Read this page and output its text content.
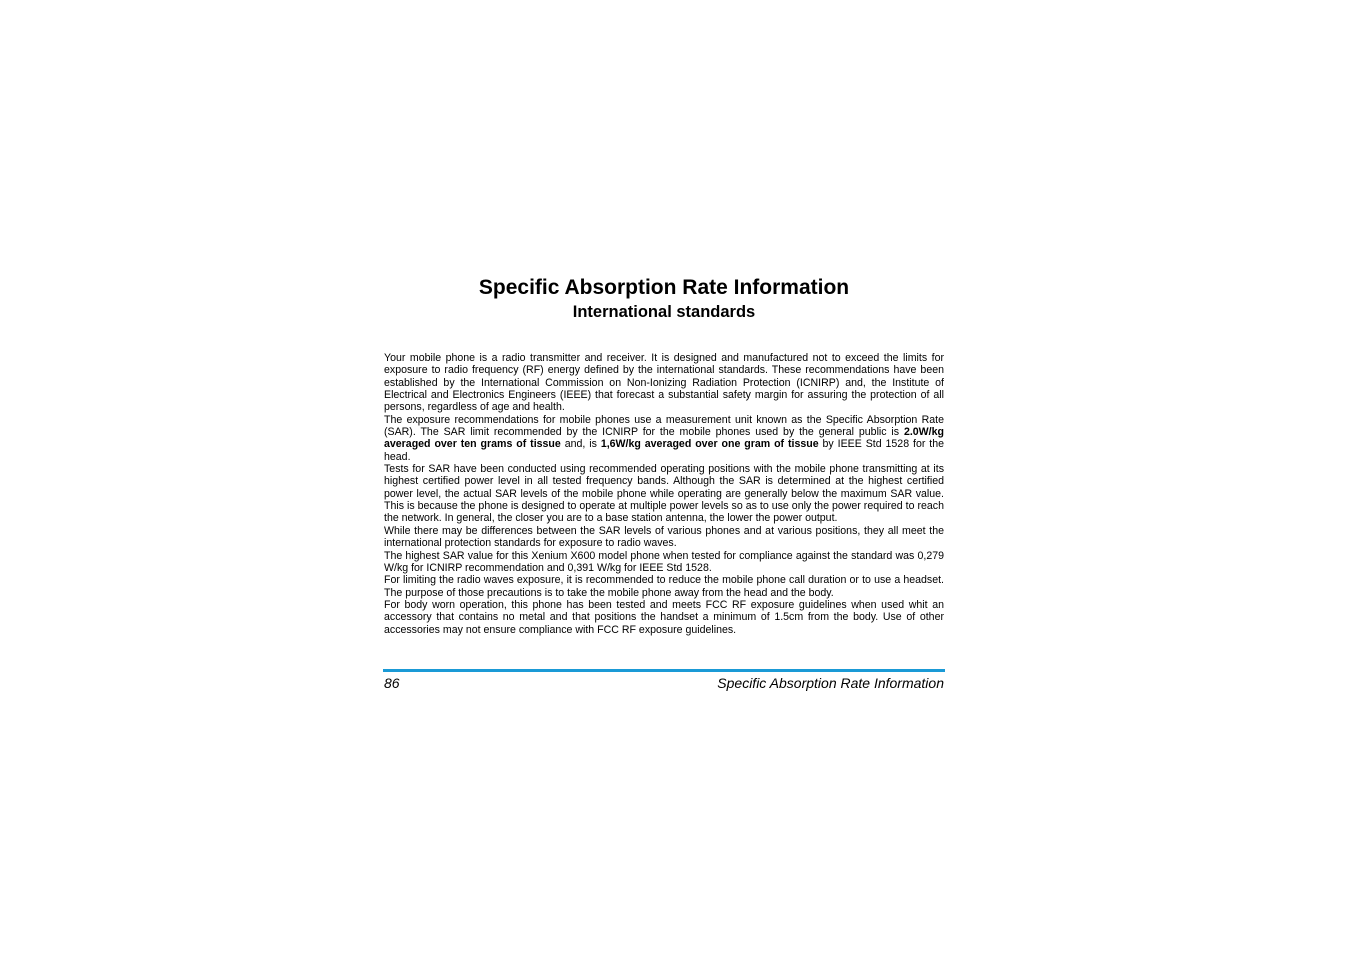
Specific Absorption Rate Information
International standards

Your mobile phone is a radio transmitter and receiver. It is designed and manufactured not to exceed the limits for exposure to radio frequency (RF) energy defined by the international standards. These recommendations have been established by the International Commission on Non-Ionizing Radiation Protection (ICNIRP) and, the Institute of Electrical and Electronics Engineers (IEEE) that forecast a substantial safety margin for assuring the protection of all persons, regardless of age and health.

The exposure recommendations for mobile phones use a measurement unit known as the Specific Absorption Rate (SAR). The SAR limit recommended by the ICNIRP for the mobile phones used by the general public is 2.0W/kg averaged over ten grams of tissue and, is 1,6W/kg averaged over one gram of tissue by IEEE Std 1528 for the head.

Tests for SAR have been conducted using recommended operating positions with the mobile phone transmitting at its highest certified power level in all tested frequency bands. Although the SAR is determined at the highest certified power level, the actual SAR levels of the mobile phone while operating are generally below the maximum SAR value. This is because the phone is designed to operate at multiple power levels so as to use only the power required to reach the network. In general, the closer you are to a base station antenna, the lower the power output.

While there may be differences between the SAR levels of various phones and at various positions, they all meet the international protection standards for exposure to radio waves.

The highest SAR value for this Xenium X600 model phone when tested for compliance against the standard was 0,279 W/kg for ICNIRP recommendation and 0,391 W/kg for IEEE Std 1528.

For limiting the radio waves exposure, it is recommended to reduce the mobile phone call duration or to use a headset. The purpose of those precautions is to take the mobile phone away from the head and the body.

For body worn operation, this phone has been tested and meets FCC RF exposure guidelines when used whit an accessory that contains no metal and that positions the handset a minimum of 1.5cm from the body. Use of other accessories may not ensure compliance with FCC RF exposure guidelines.

86	Specific Absorption Rate Information
